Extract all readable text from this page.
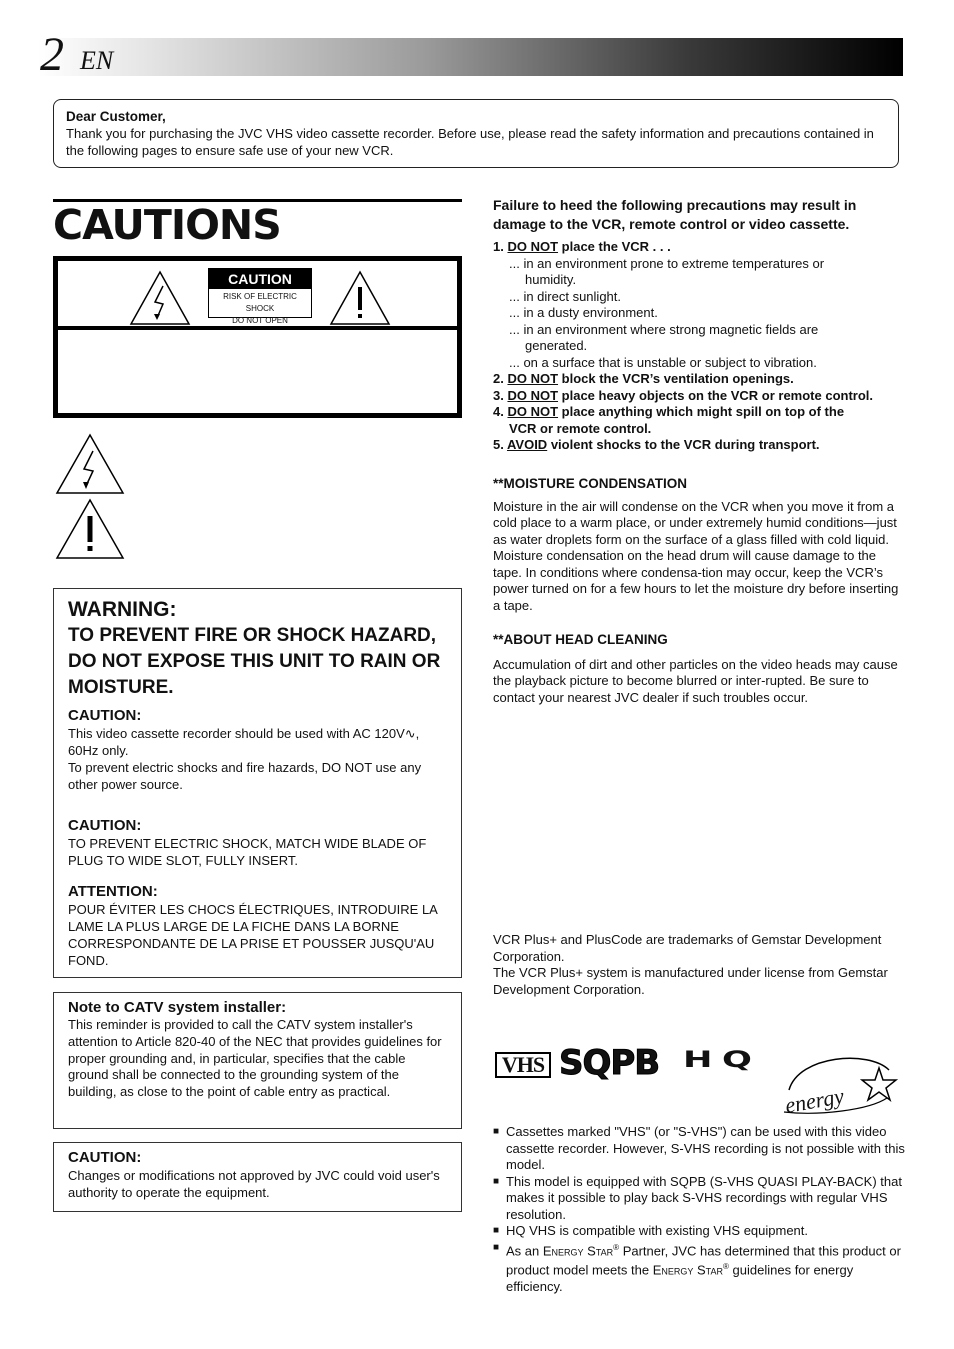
2 EN
Dear Customer,
Thank you for purchasing the JVC VHS video cassette recorder. Before use, please read the safety information and precautions contained in the following pages to ensure safe use of your new VCR.
CAUTIONS
CAUTION
RISK OF ELECTRIC SHOCK
DO NOT OPEN
WARNING:
TO PREVENT FIRE OR SHOCK HAZARD, DO NOT EXPOSE THIS UNIT TO RAIN OR MOISTURE.
CAUTION:
This video cassette recorder should be used with AC 120V∿, 60Hz only.
To prevent electric shocks and fire hazards, DO NOT use any other power source.
CAUTION:
TO PREVENT ELECTRIC SHOCK, MATCH WIDE BLADE OF PLUG TO WIDE SLOT, FULLY INSERT.
ATTENTION:
POUR ÉVITER LES CHOCS ÉLECTRIQUES, INTRODUIRE LA LAME LA PLUS LARGE DE LA FICHE DANS LA BORNE CORRESPONDANTE DE LA PRISE ET POUSSER JUSQU'AU FOND.
Note to CATV system installer:
This reminder is provided to call the CATV system installer's attention to Article 820-40 of the NEC that provides guidelines for proper grounding and, in particular, specifies that the cable ground shall be connected to the grounding system of the building, as close to the point of cable entry as practical.
CAUTION:
Changes or modifications not approved by JVC could void user's authority to operate the equipment.
Failure to heed the following precautions may result in damage to the VCR, remote control or video cassette.
1. DO NOT place the VCR . . .
... in an environment prone to extreme temperatures or
humidity.
... in direct sunlight.
... in a dusty environment.
... in an environment where strong magnetic fields are
generated.
... on a surface that is unstable or subject to vibration.
2. DO NOT block the VCR’s ventilation openings.
3. DO NOT place heavy objects on the VCR or remote control.
4. DO NOT place anything which might spill on top of the
VCR or remote control.
5. AVOID violent shocks to the VCR during transport.
**MOISTURE CONDENSATION
Moisture in the air will condense on the VCR when you move it from a cold place to a warm place, or under extremely humid conditions—just as water droplets form on the surface of a glass filled with cold liquid. Moisture condensation on the head drum will cause damage to the tape. In conditions where condensa-tion may occur, keep the VCR’s power turned on for a few hours to let the moisture dry before inserting a tape.
**ABOUT HEAD CLEANING
Accumulation of dirt and other particles on the video heads may cause the playback picture to become blurred or inter-rupted. Be sure to contact your nearest JVC dealer if such troubles occur.
VCR Plus+ and PlusCode are trademarks of Gemstar Development Corporation.
The VCR Plus+ system is manufactured under license from Gemstar Development Corporation.
VHS SQPB HQ
energy
■ Cassettes marked "VHS" (or "S-VHS") can be used with this video cassette recorder. However, S-VHS recording is not possible with this model.
■ This model is equipped with SQPB (S-VHS QUASI PLAY-BACK) that makes it possible to play back S-VHS recordings with regular VHS resolution.
■ HQ VHS is compatible with existing VHS equipment.
■ As an Energy Star® Partner, JVC has determined that this product or product model meets the Energy Star® guidelines for energy efficiency.
